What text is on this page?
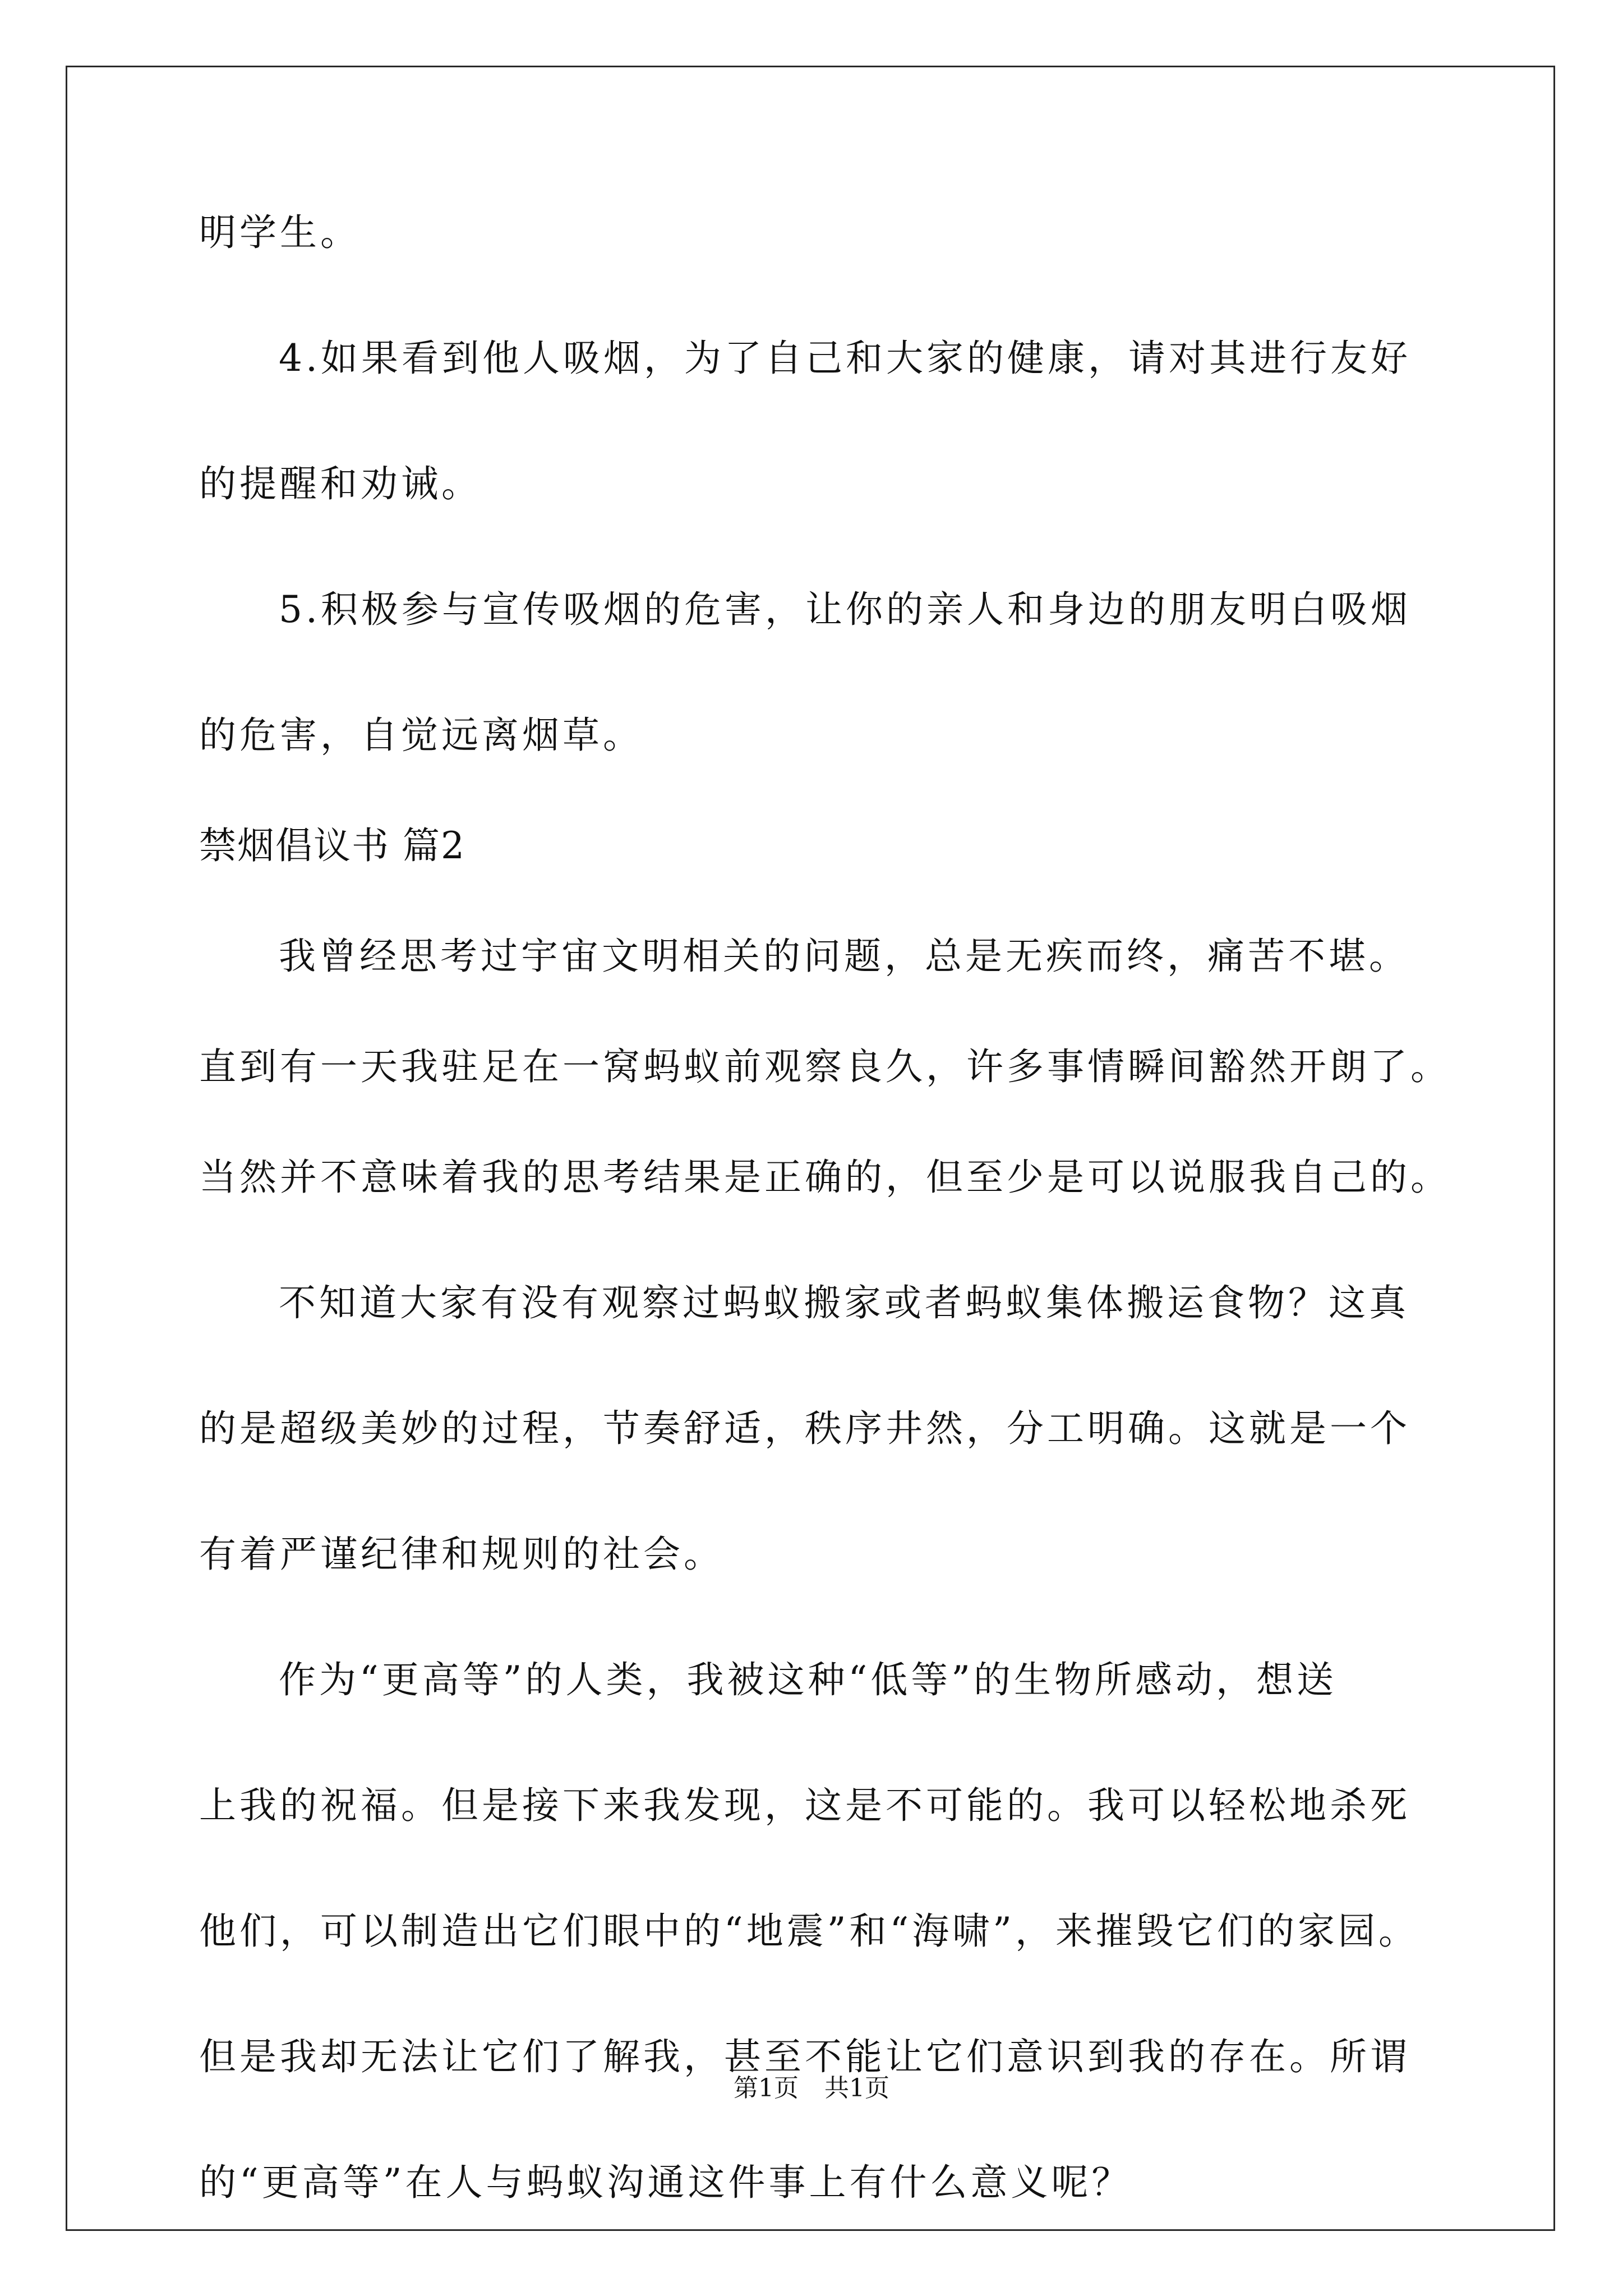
明学生。

4.如果看到他人吸烟，为了自己和大家的健康，请对其进行友好

的提醒和劝诫。

5.积极参与宣传吸烟的危害，让你的亲人和身边的朋友明白吸烟

的危害，自觉远离烟草。

禁烟倡议书 篇2

我曾经思考过宇宙文明相关的问题，总是无疾而终，痛苦不堪。

直到有一天我驻足在一窝蚂蚁前观察良久，许多事情瞬间豁然开朗了。

当然并不意味着我的思考结果是正确的，但至少是可以说服我自己的。

不知道大家有没有观察过蚂蚁搬家或者蚂蚁集体搬运食物？这真

的是超级美妙的过程，节奏舒适，秩序井然，分工明确。这就是一个

有着严谨纪律和规则的社会。

作为“更高等”的人类，我被这种“低等”的生物所感动，想送

上我的祝福。但是接下来我发现，这是不可能的。我可以轻松地杀死

他们，可以制造出它们眼中的“地震”和“海啸”，来摧毁它们的家园。

但是我却无法让它们了解我，甚至不能让它们意识到我的存在。所谓

的“更高等”在人与蚂蚁沟通这件事上有什么意义呢？

第1页 共1页
